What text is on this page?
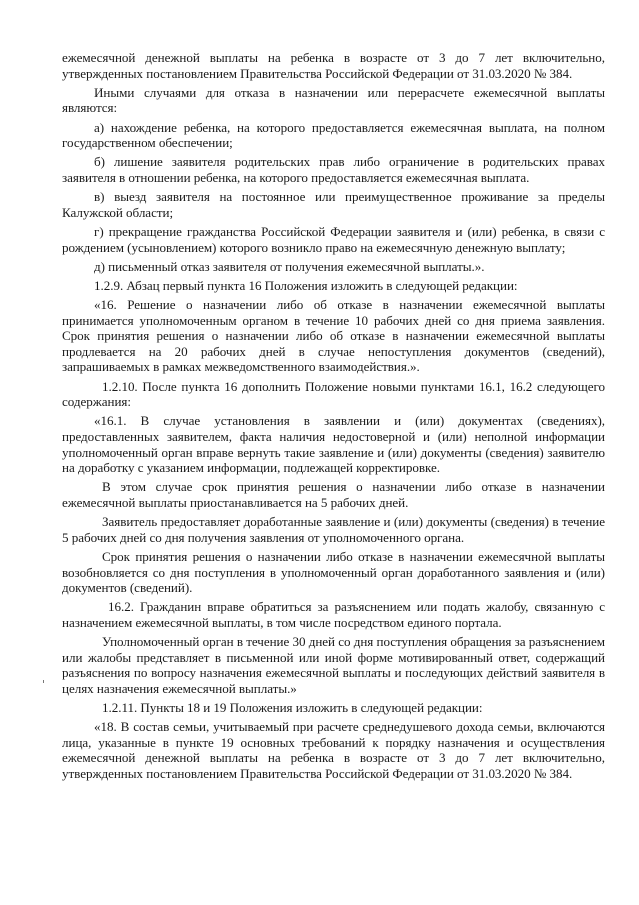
ежемесячной денежной выплаты на ребенка в возрасте от 3 до 7 лет включительно, утвержденных постановлением Правительства Российской Федерации от 31.03.2020 № 384.

Иными случаями для отказа в назначении или перерасчете ежемесячной выплаты являются:

а) нахождение ребенка, на которого предоставляется ежемесячная выплата, на полном государственном обеспечении;

б) лишение заявителя родительских прав либо ограничение в родительских правах заявителя в отношении ребенка, на которого предоставляется ежемесячная выплата.

в) выезд заявителя на постоянное или преимущественное проживание за пределы Калужской области;

г) прекращение гражданства Российской Федерации заявителя и (или) ребенка, в связи с рождением (усыновлением) которого возникло право на ежемесячную денежную выплату;

д) письменный отказ заявителя от получения ежемесячной выплаты.».

1.2.9. Абзац первый пункта 16 Положения изложить в следующей редакции:

«16. Решение о назначении либо об отказе в назначении ежемесячной выплаты принимается уполномоченным органом в течение 10 рабочих дней со дня приема заявления. Срок принятия решения о назначении либо об отказе в назначении ежемесячной выплаты продлевается на 20 рабочих дней в случае непоступления документов (сведений), запрашиваемых в рамках межведомственного взаимодействия.».

1.2.10. После пункта 16 дополнить Положение новыми пунктами 16.1, 16.2 следующего содержания:

«16.1. В случае установления в заявлении и (или) документах (сведениях), предоставленных заявителем, факта наличия недостоверной и (или) неполной информации уполномоченный орган вправе вернуть такие заявление и (или) документы (сведения) заявителю на доработку с указанием информации, подлежащей корректировке.

В этом случае срок принятия решения о назначении либо отказе в назначении ежемесячной выплаты приостанавливается на 5 рабочих дней.

Заявитель предоставляет доработанные заявление и (или) документы (сведения) в течение 5 рабочих дней со дня получения заявления от уполномоченного органа.

Срок принятия решения о назначении либо отказе в назначении ежемесячной выплаты возобновляется со дня поступления в уполномоченный орган доработанного заявления и (или) документов (сведений).

16.2. Гражданин вправе обратиться за разъяснением или подать жалобу, связанную с назначением ежемесячной выплаты, в том числе посредством единого портала.

Уполномоченный орган в течение 30 дней со дня поступления обращения за разъяснением или жалобы представляет в письменной или иной форме мотивированный ответ, содержащий разъяснения по вопросу назначения ежемесячной выплаты и последующих действий заявителя в целях назначения ежемесячной выплаты.»

1.2.11. Пункты 18 и 19 Положения изложить в следующей редакции:

«18. В состав семьи, учитываемый при расчете среднедушевого дохода семьи, включаются лица, указанные в пункте 19 основных требований к порядку назначения и осуществления ежемесячной денежной выплаты на ребенка в возрасте от 3 до 7 лет включительно, утвержденных постановлением Правительства Российской Федерации от 31.03.2020 № 384.
